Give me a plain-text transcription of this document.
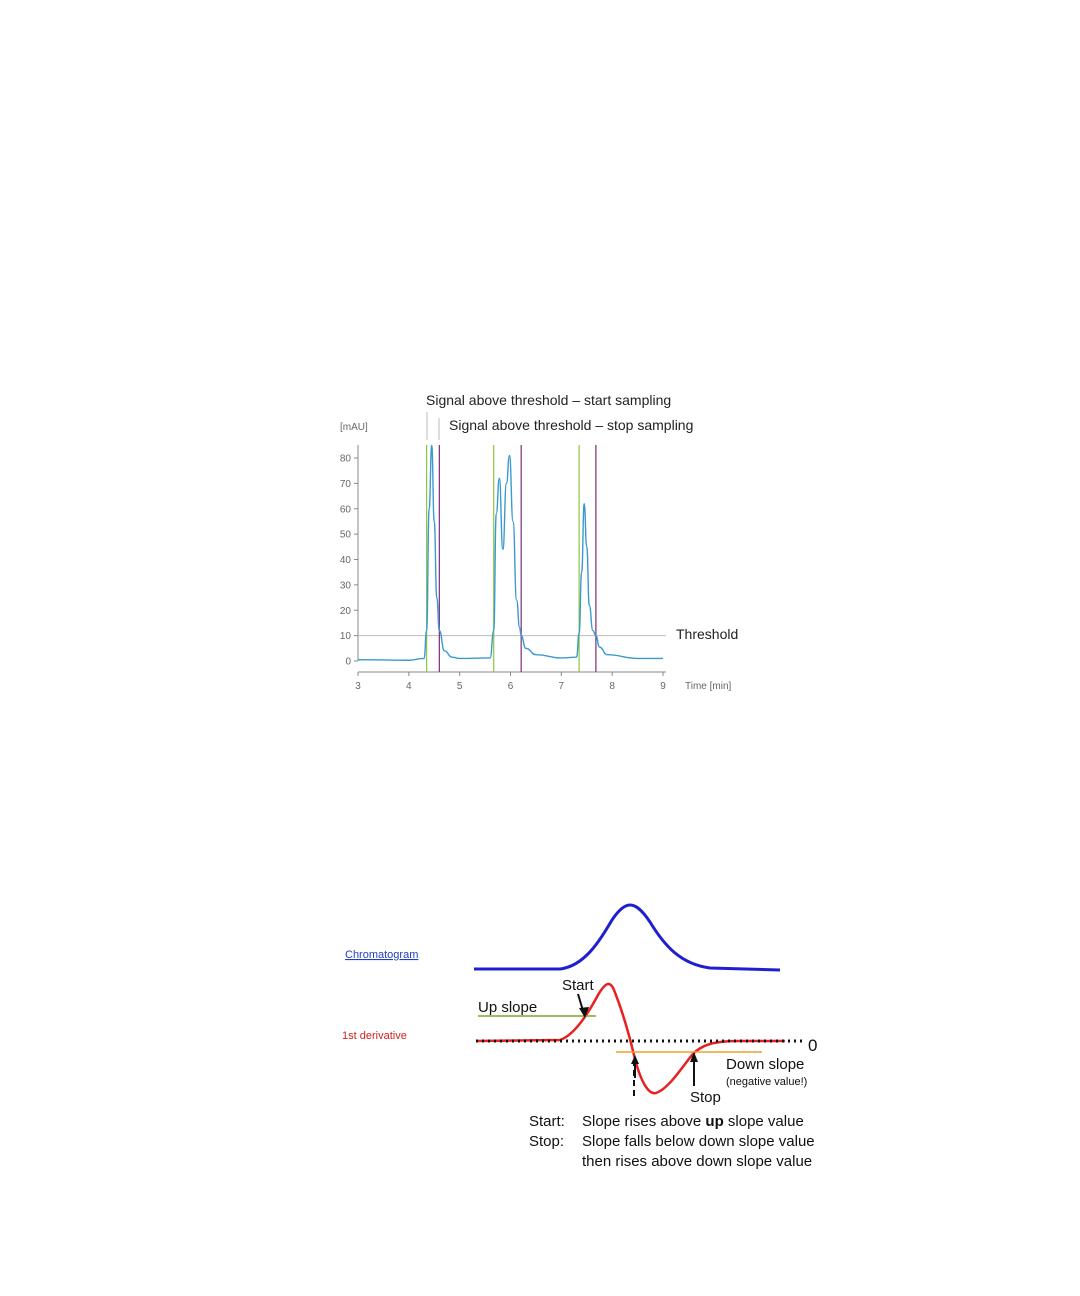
0
10
20
30
40
50
60
70
80
3	4	5	6	7	8	9
[mAU]
Time [min]
Threshold
Signal above threshold – start sampling
Signal above threshold – stop sampling
Chromatogram
1st derivative
Start
Up slope
0
Down slope
(negative value!)
Stop
Start: Slope rises above up slope value
Stop: Slope falls below down slope value
then rises above down slope value
